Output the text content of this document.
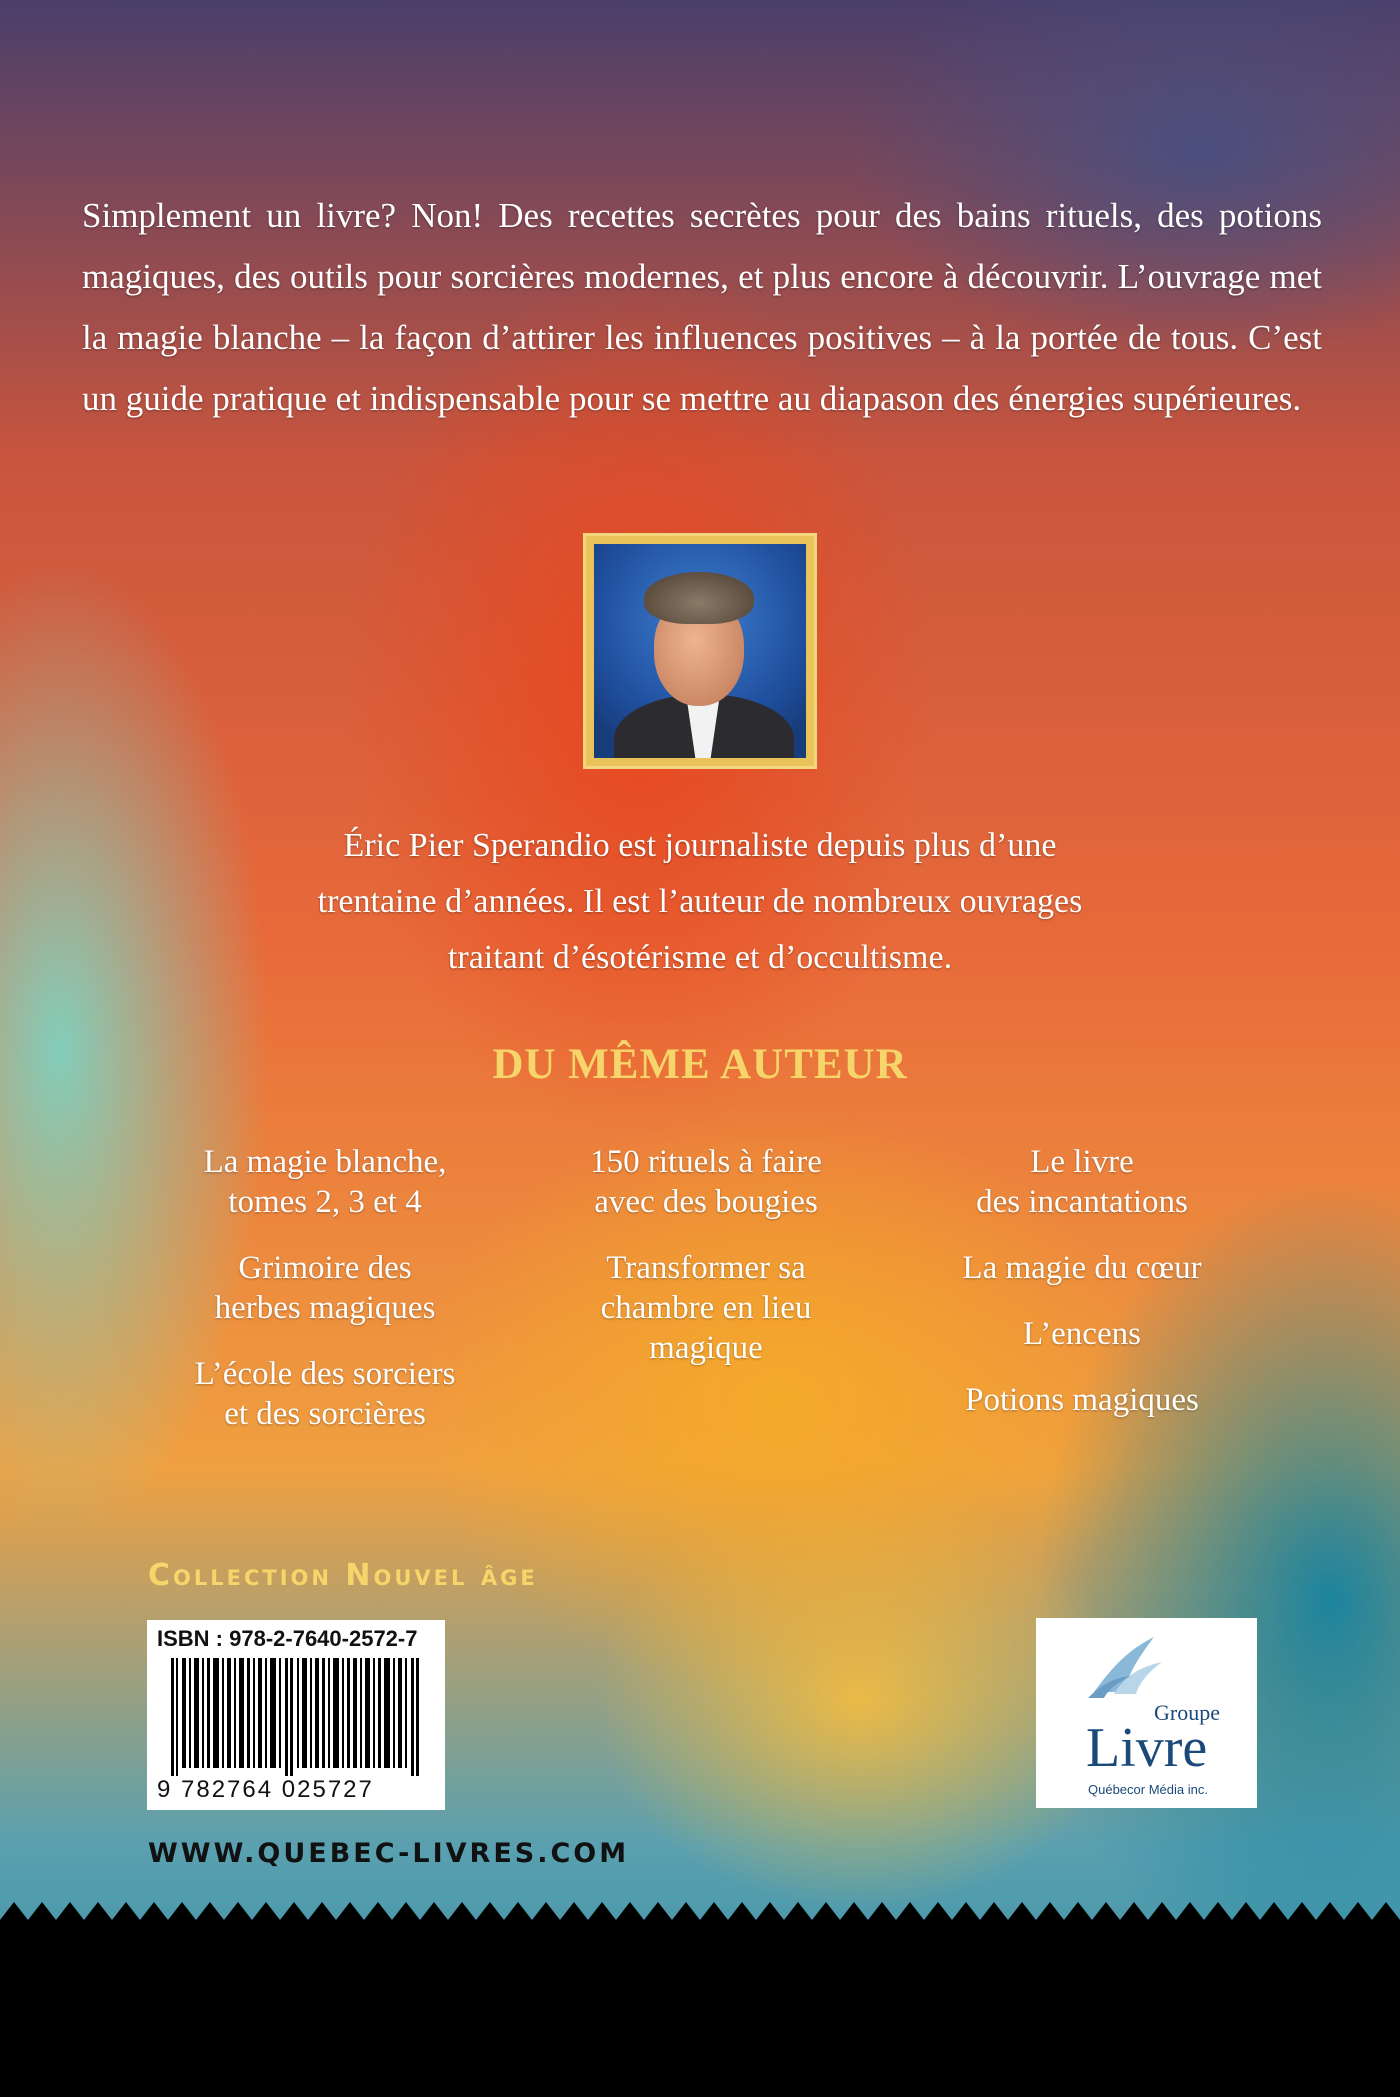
Simplement un livre? Non! Des recettes secrètes pour des bains rituels, des potions magiques, des outils pour sorcières modernes, et plus encore à découvrir. L’ouvrage met la magie blanche – la façon d’attirer les influences positives – à la portée de tous. C’est un guide pratique et indispensable pour se mettre au diapason des énergies supérieures.

Éric Pier Sperandio est journaliste depuis plus d’une
trentaine d’années. Il est l’auteur de nombreux ouvrages
traitant d’ésotérisme et d’occultisme.
DU MÊME AUTEUR
La magie blanche,
tomes 2, 3 et 4
Grimoire des
herbes magiques
L’école des sorciers
et des sorcières
150 rituels à faire
avec des bougies
Transformer sa
chambre en lieu
magique
Le livre
des incantations
La magie du cœur
L’encens
Potions magiques
Collection Nouvel âge
ISBN : 978-2-7640-2572-7
9 782764 025727
Groupe
Livre
Québecor Média inc.
WWW.QUEBEC-LIVRES.COM
